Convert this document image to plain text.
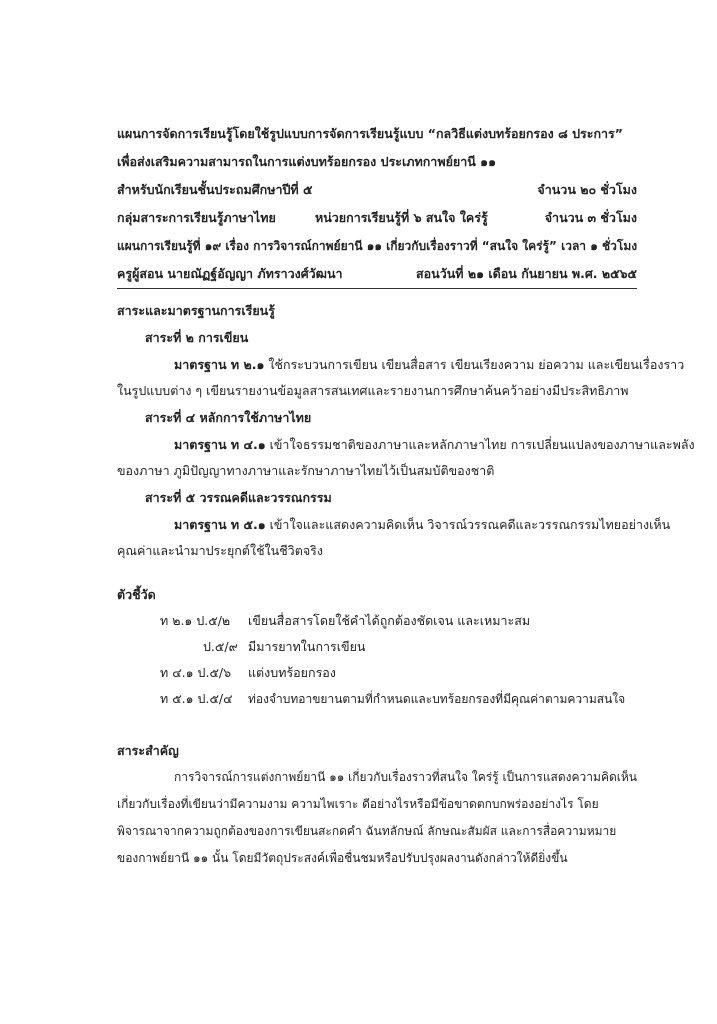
แผนการจัดการเรียนรู้โดยใช้รูปแบบการจัดการเรียนรู้แบบ “กลวิธีแต่งบทร้อยกรอง ๘ ประการ”
เพื่อส่งเสริมความสามารถในการแต่งบทร้อยกรอง ประเภทกาพย์ยานี ๑๑
สำหรับนักเรียนชั้นประถมศึกษาปีที่ ๕	จำนวน ๒๐ ชั่วโมง
กลุ่มสาระการเรียนรู้ภาษาไทย	หน่วยการเรียนรู้ที่ ๖ สนใจ ใคร่รู้	จำนวน ๓ ชั่วโมง
แผนการเรียนรู้ที่ ๑๙ เรื่อง การวิจารณ์กาพย์ยานี ๑๑ เกี่ยวกับเรื่องราวที่ “สนใจ ใคร่รู้” เวลา ๑ ชั่วโมง
ครูผู้สอน นายณัฏฐ์อัญญา ภัทราวงศ์วัฒนา	สอนวันที่ ๒๑ เดือน กันยายน พ.ศ. ๒๕๖๕
สาระและมาตรฐานการเรียนรู้
สาระที่ ๒ การเขียน
มาตรฐาน ท ๒.๑ ใช้กระบวนการเขียน เขียนสื่อสาร เขียนเรียงความ ย่อความ และเขียนเรื่องราว
ในรูปแบบต่าง ๆ เขียนรายงานข้อมูลสารสนเทศและรายงานการศึกษาค้นคว้าอย่างมีประสิทธิภาพ
สาระที่ ๔ หลักการใช้ภาษาไทย
มาตรฐาน ท ๔.๑ เข้าใจธรรมชาติของภาษาและหลักภาษาไทย การเปลี่ยนแปลงของภาษาและพลัง
ของภาษา ภูมิปัญญาทางภาษาและรักษาภาษาไทยไว้เป็นสมบัติของชาติ
สาระที่ ๕ วรรณคดีและวรรณกรรม
มาตรฐาน ท ๕.๑ เข้าใจและแสดงความคิดเห็น วิจารณ์วรรณคดีและวรรณกรรมไทยอย่างเห็น
คุณค่าและนำมาประยุกต์ใช้ในชีวิตจริง
ตัวชี้วัด
ท ๒.๑ ป.๕/๒ เขียนสื่อสารโดยใช้คำได้ถูกต้องชัดเจน และเหมาะสม
ป.๕/๙ มีมารยาทในการเขียน
ท ๔.๑ ป.๕/๖ แต่งบทร้อยกรอง
ท ๕.๑ ป.๕/๔ ท่องจำบทอาขยานตามที่กำหนดและบทร้อยกรองที่มีคุณค่าตามความสนใจ
สาระสำคัญ
การวิจารณ์การแต่งกาพย์ยานี ๑๑ เกี่ยวกับเรื่องราวที่สนใจ ใคร่รู้ เป็นการแสดงความคิดเห็น
เกี่ยวกับเรื่องที่เขียนว่ามีความงาม ความไพเราะ ดีอย่างไรหรือมีข้อขาดตกบกพร่องอย่างไร โดย
พิจารณาจากความถูกต้องของการเขียนสะกดคำ ฉันทลักษณ์ ลักษณะสัมผัส และการสื่อความหมาย
ของกาพย์ยานี ๑๑ นั้น โดยมีวัตถุประสงค์เพื่อชื่นชมหรือปรับปรุงผลงานดังกล่าวให้ดียิ่งขึ้น
